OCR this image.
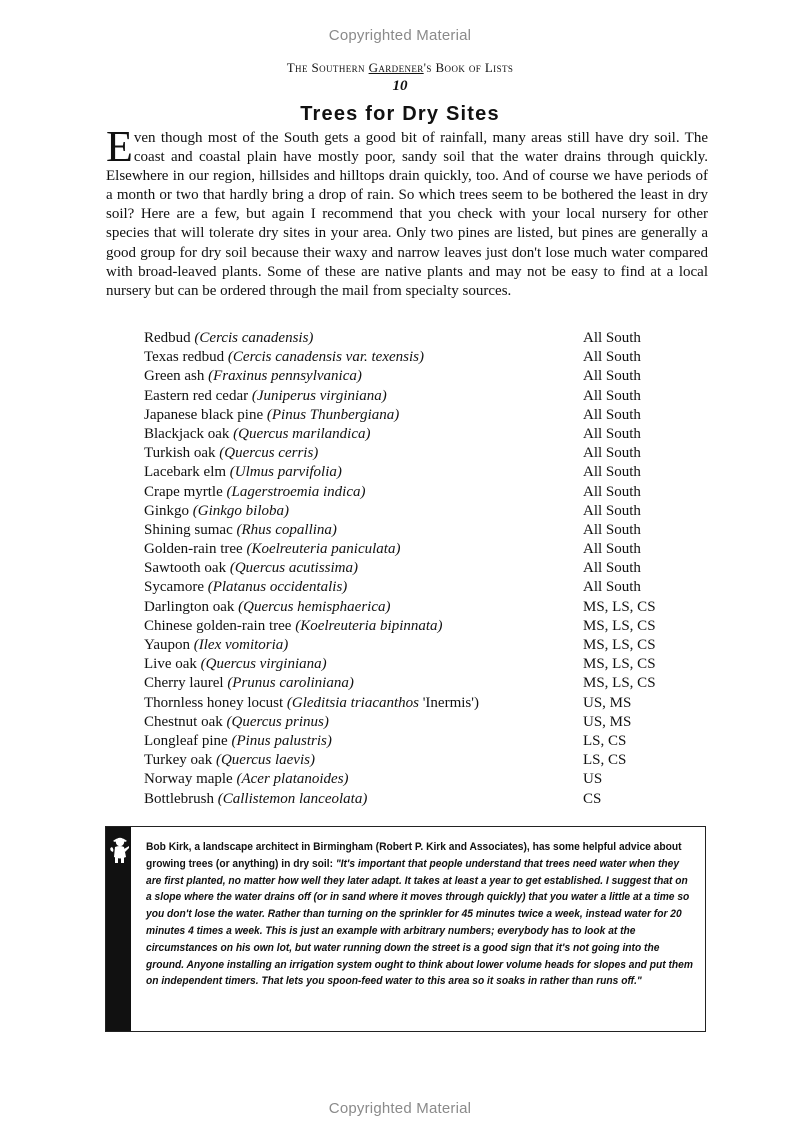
Copyrighted Material
The Southern Gardener's Book of Lists
10
Trees for Dry Sites
Even though most of the South gets a good bit of rainfall, many areas still have dry soil. The coast and coastal plain have mostly poor, sandy soil that the water drains through quickly. Elsewhere in our region, hillsides and hilltops drain quickly, too. And of course we have periods of a month or two that hardly bring a drop of rain. So which trees seem to be bothered the least in dry soil? Here are a few, but again I recommend that you check with your local nursery for other species that will tolerate dry sites in your area. Only two pines are listed, but pines are generally a good group for dry soil because their waxy and narrow leaves just don't lose much water compared with broad-leaved plants. Some of these are native plants and may not be easy to find at a local nursery but can be ordered through the mail from specialty sources.
Redbud (Cercis canadensis)	All South
Texas redbud (Cercis canadensis var. texensis)	All South
Green ash (Fraxinus pennsylvanica)	All South
Eastern red cedar (Juniperus virginiana)	All South
Japanese black pine (Pinus Thunbergiana)	All South
Blackjack oak (Quercus marilandica)	All South
Turkish oak (Quercus cerris)	All South
Lacebark elm (Ulmus parvifolia)	All South
Crape myrtle (Lagerstroemia indica)	All South
Ginkgo (Ginkgo biloba)	All South
Shining sumac (Rhus copallina)	All South
Golden-rain tree (Koelreuteria paniculata)	All South
Sawtooth oak (Quercus acutissima)	All South
Sycamore (Platanus occidentalis)	All South
Darlington oak (Quercus hemisphaerica)	MS, LS, CS
Chinese golden-rain tree (Koelreuteria bipinnata)	MS, LS, CS
Yaupon (Ilex vomitoria)	MS, LS, CS
Live oak (Quercus virginiana)	MS, LS, CS
Cherry laurel (Prunus caroliniana)	MS, LS, CS
Thornless honey locust (Gleditsia triacanthos 'Inermis')	US, MS
Chestnut oak (Quercus prinus)	US, MS
Longleaf pine (Pinus palustris)	LS, CS
Turkey oak (Quercus laevis)	LS, CS
Norway maple (Acer platanoides)	US
Bottlebrush (Callistemon lanceolata)	CS
Bob Kirk, a landscape architect in Birmingham (Robert P. Kirk and Associates), has some helpful advice about growing trees (or anything) in dry soil: "It's important that people understand that trees need water when they are first planted, no matter how well they later adapt. It takes at least a year to get established. I suggest that on a slope where the water drains off (or in sand where it moves through quickly) that you water a little at a time so you don't lose the water. Rather than turning on the sprinkler for 45 minutes twice a week, instead water for 20 minutes 4 times a week. This is just an example with arbitrary numbers; everybody has to look at the circumstances on his own lot, but water running down the street is a good sign that it's not going into the ground. Anyone installing an irrigation system ought to think about lower volume heads for slopes and put them on independent timers. That lets you spoon-feed water to this area so it soaks in rather than runs off."
Copyrighted Material
